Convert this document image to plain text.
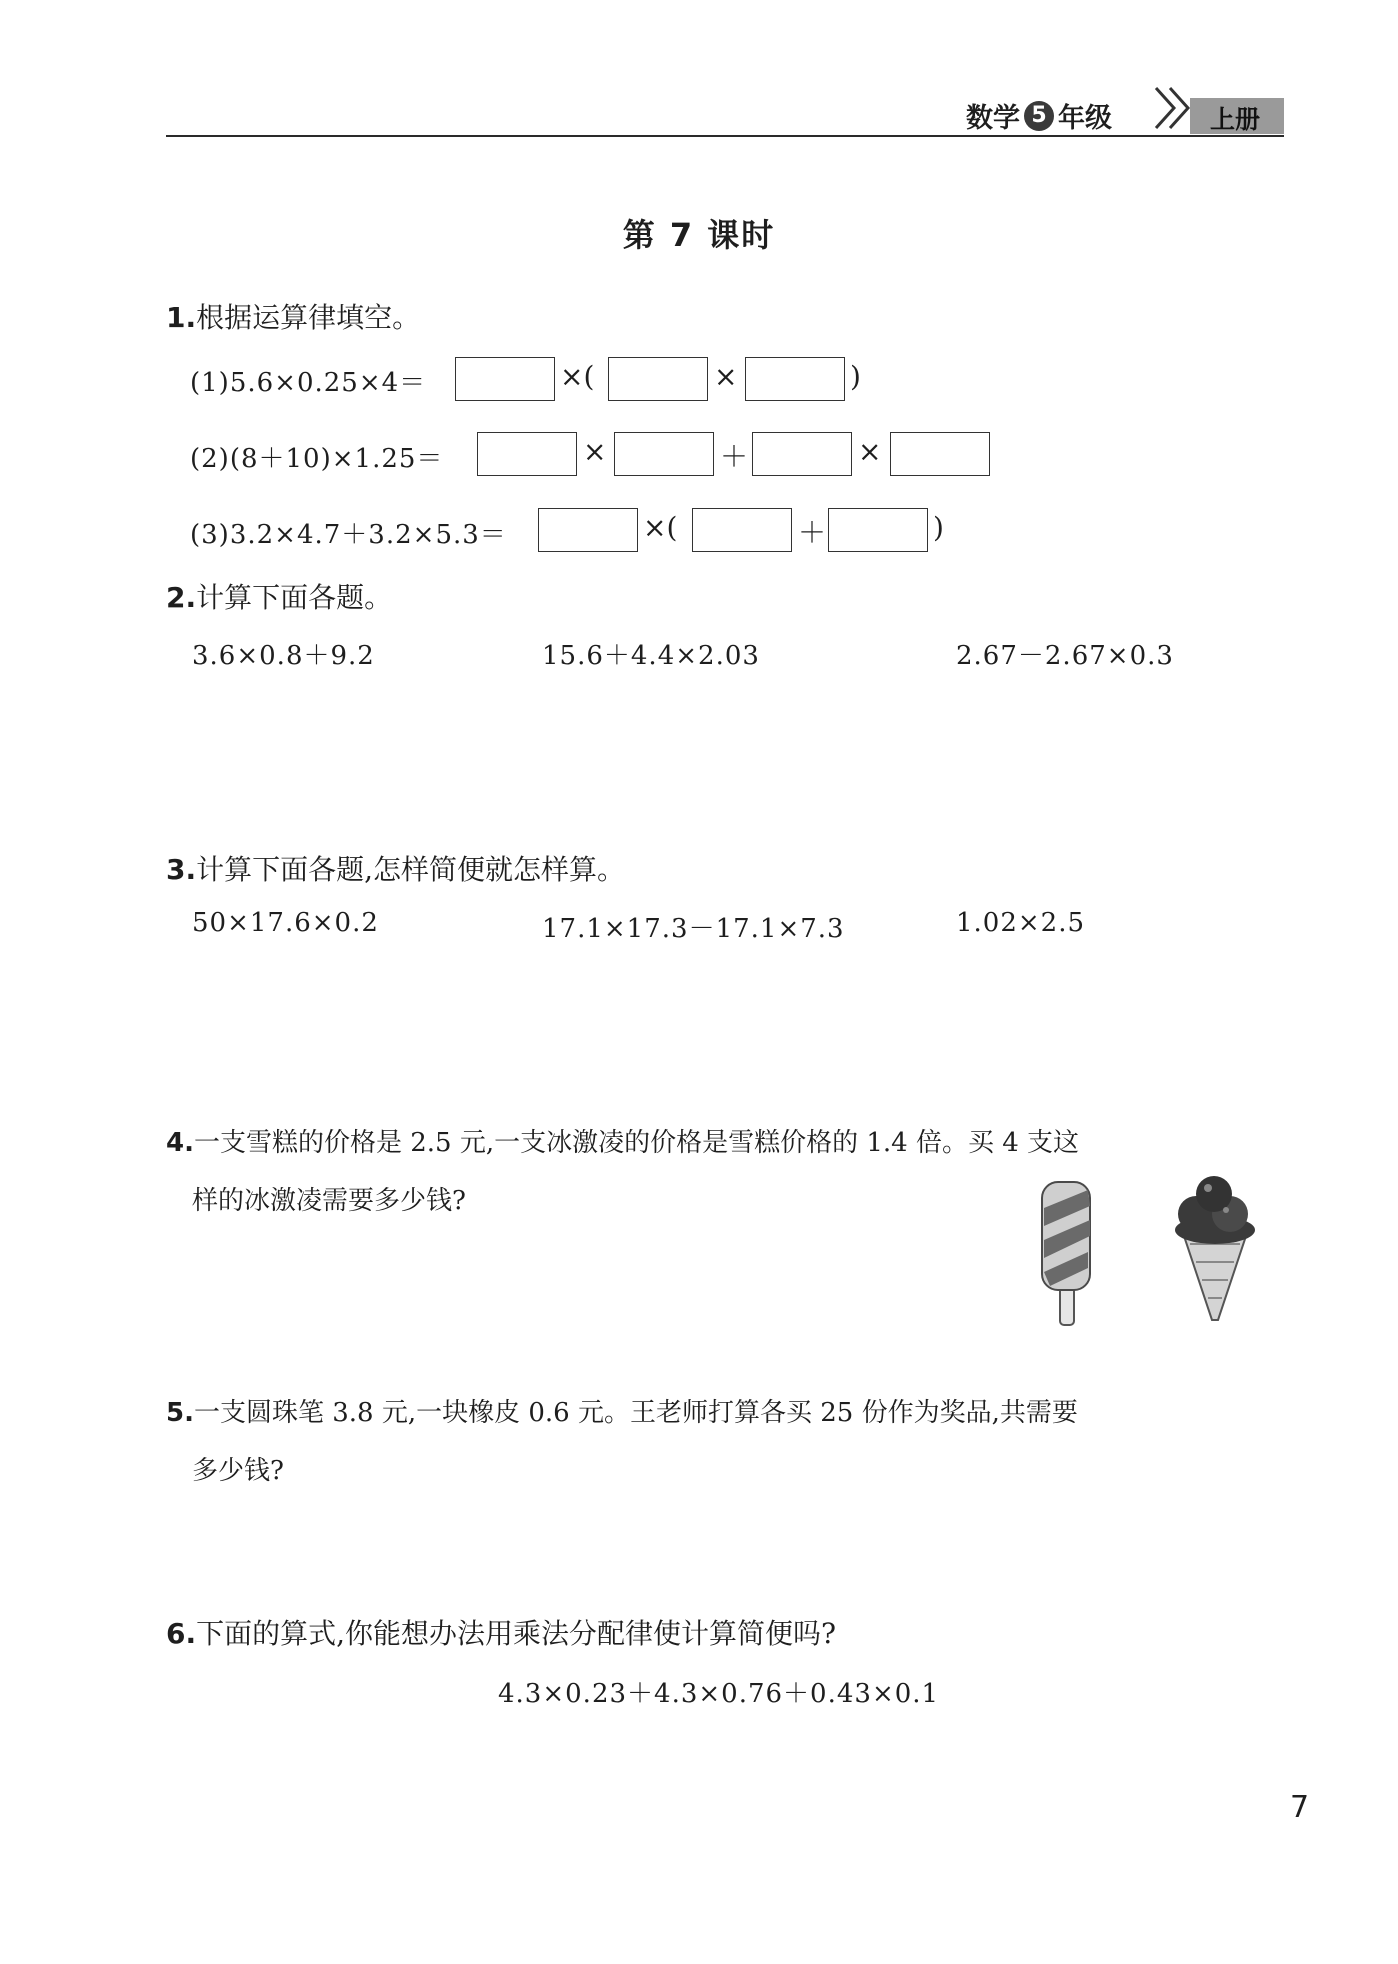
数学 5 年级	上册
第 7 课时
1.根据运算律填空。
(1)5.6×0.25×4＝	×(	×	)
(2)(8＋10)×1.25＝	×	＋	×
(3)3.2×4.7＋3.2×5.3＝	×(	＋	)
2.计算下面各题。
3.6×0.8＋9.2	15.6＋4.4×2.03	2.67－2.67×0.3
3.计算下面各题,怎样简便就怎样算。
50×17.6×0.2	17.1×17.3－17.1×7.3	1.02×2.5
4.一支雪糕的价格是 2.5 元,一支冰激凌的价格是雪糕价格的 1.4 倍。买 4 支这
样的冰激凌需要多少钱?
5.一支圆珠笔 3.8 元,一块橡皮 0.6 元。王老师打算各买 25 份作为奖品,共需要
多少钱?
6.下面的算式,你能想办法用乘法分配律使计算简便吗?
4.3×0.23＋4.3×0.76＋0.43×0.1
7
